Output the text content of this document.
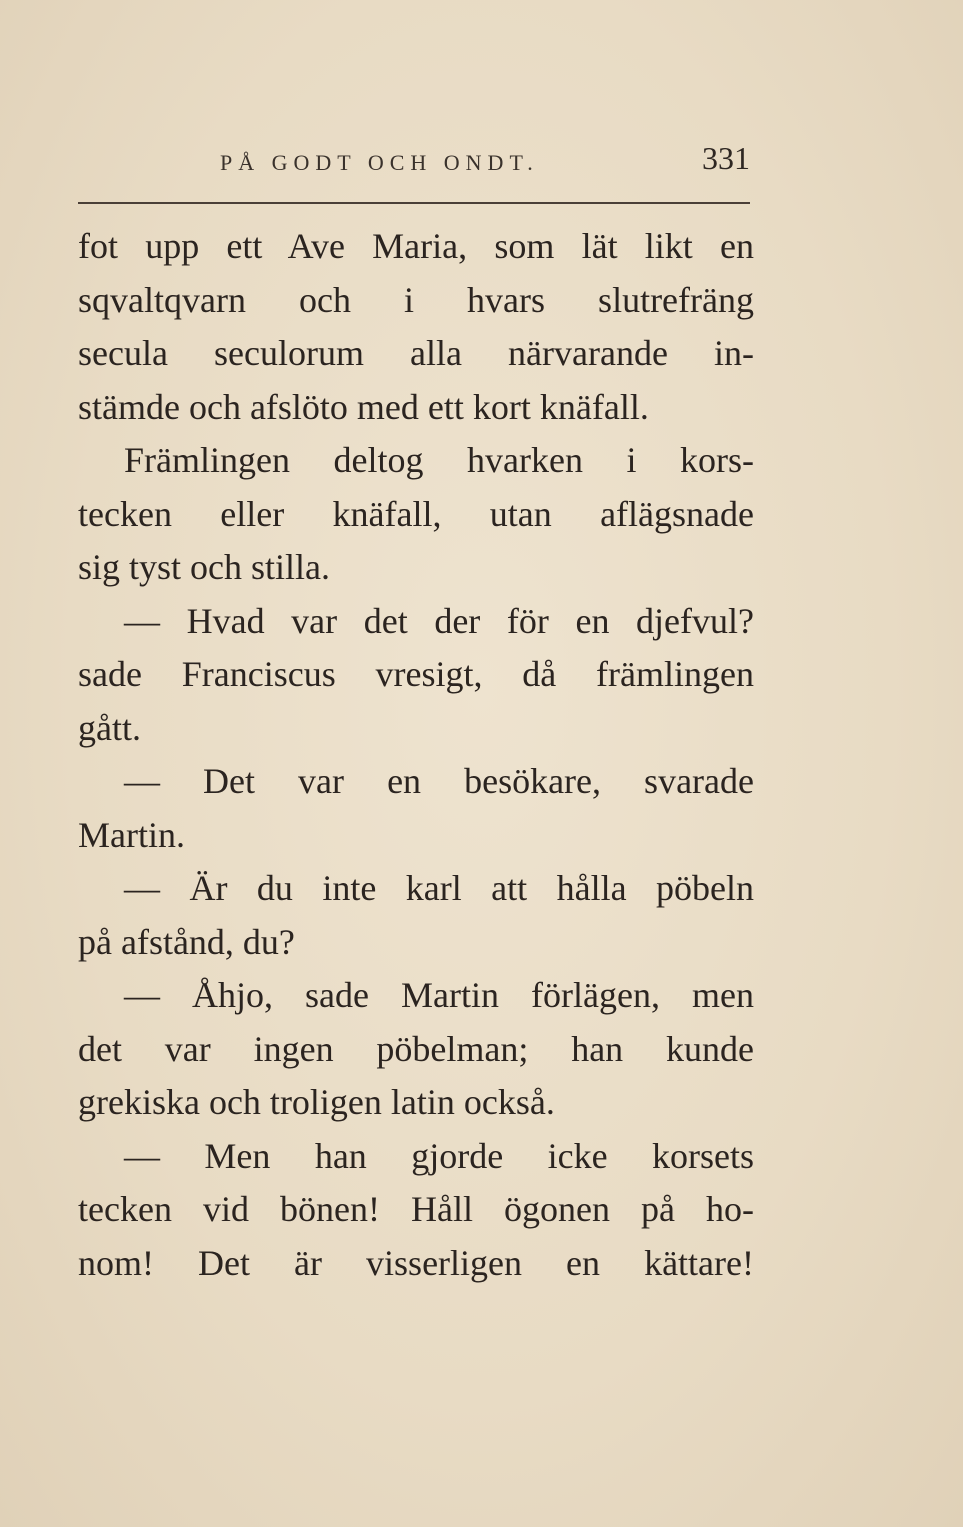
PÅ GODT OCH ONDT.	331
fot upp ett Ave Maria, som lät likt en
sqvaltqvarn och i hvars slutrefräng
secula seculorum alla närvarande in-
stämde och afslöto med ett kort knäfall.
Främlingen deltog hvarken i kors-
tecken eller knäfall, utan aflägsnade
sig tyst och stilla.
— Hvad var det der för en djefvul?
sade Franciscus vresigt, då främlingen
gått.
— Det var en besökare, svarade
Martin.
— Är du inte karl att hålla pöbeln
på afstånd, du?
— Åhjo, sade Martin förlägen, men
det var ingen pöbelman; han kunde
grekiska och troligen latin också.
— Men han gjorde icke korsets
tecken vid bönen! Håll ögonen på ho-
nom! Det är visserligen en kättare!
